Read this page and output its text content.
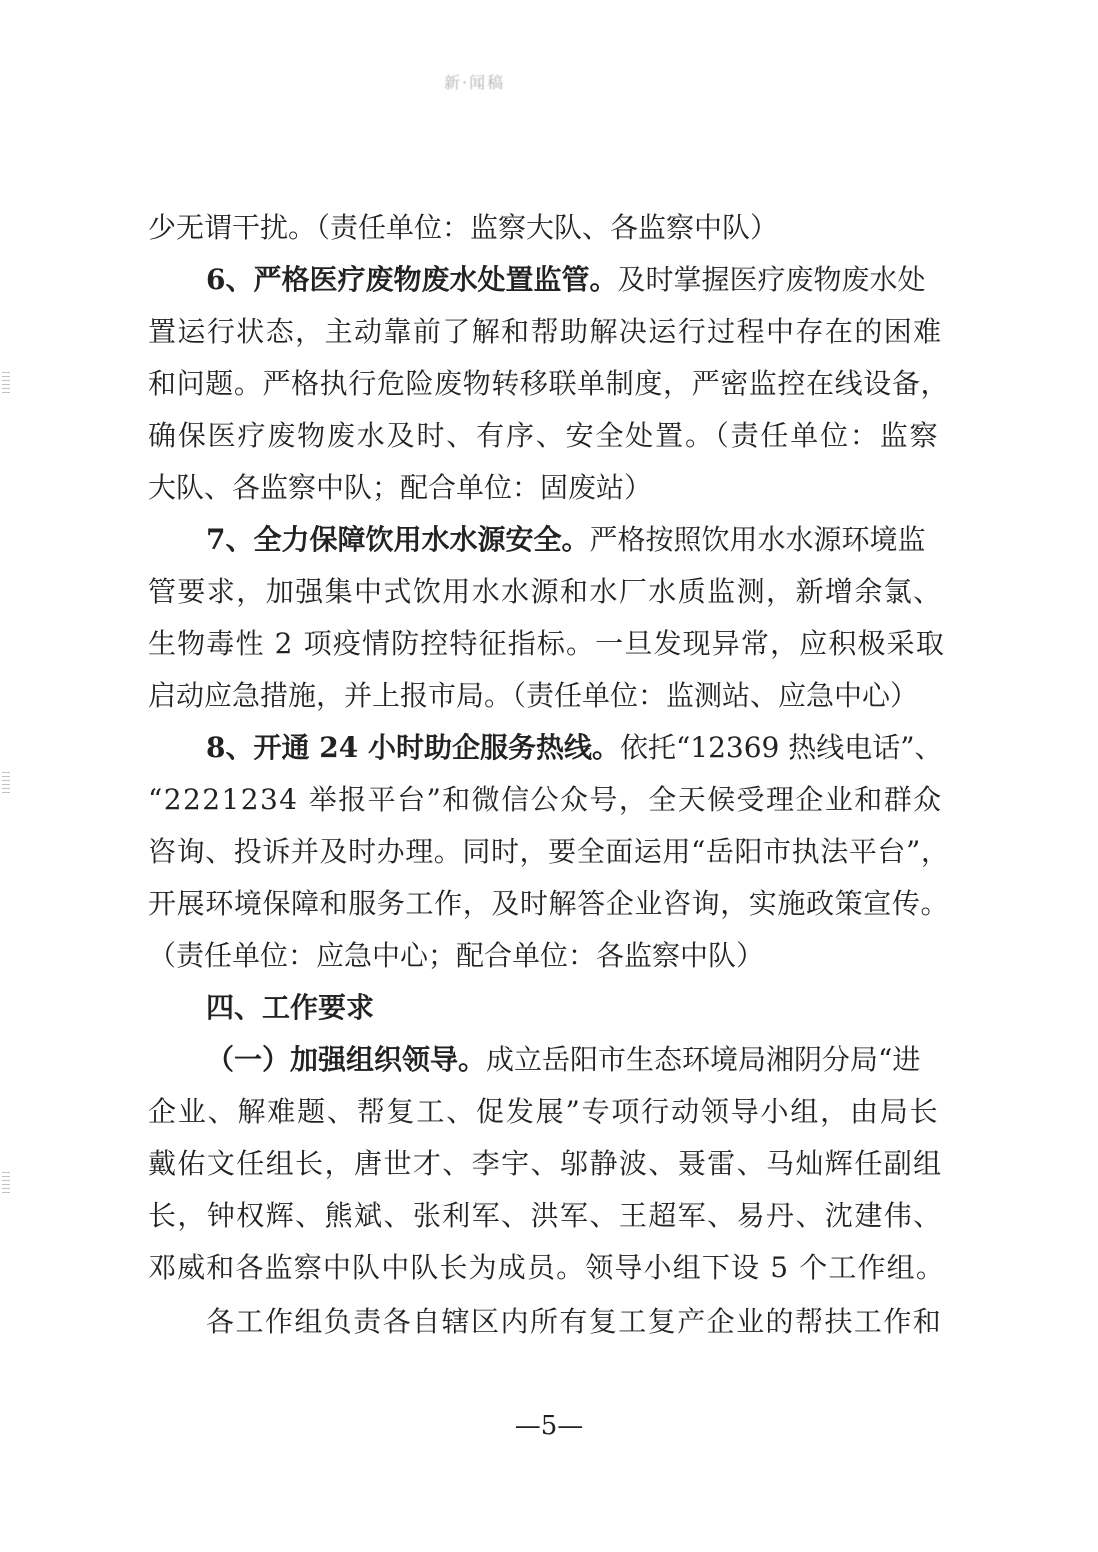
新·闻稿
少无谓干扰。（责任单位：监察大队、各监察中队）
6、严格医疗废物废水处置监管。及时掌握医疗废物废水处
置运行状态，主动靠前了解和帮助解决运行过程中存在的困难
和问题。严格执行危险废物转移联单制度，严密监控在线设备，
确保医疗废物废水及时、有序、安全处置。（责任单位：监察
大队、各监察中队；配合单位：固废站）
7、全力保障饮用水水源安全。严格按照饮用水水源环境监
管要求，加强集中式饮用水水源和水厂水质监测，新增余氯、
生物毒性 2 项疫情防控特征指标。一旦发现异常，应积极采取
启动应急措施，并上报市局。（责任单位：监测站、应急中心）
8、开通 24 小时助企服务热线。依托“12369 热线电话”、
“2221234 举报平台”和微信公众号，全天候受理企业和群众
咨询、投诉并及时办理。同时，要全面运用“岳阳市执法平台”，
开展环境保障和服务工作，及时解答企业咨询，实施政策宣传。
（责任单位：应急中心；配合单位：各监察中队）
四、工作要求
（一）加强组织领导。成立岳阳市生态环境局湘阴分局“进
企业、解难题、帮复工、促发展”专项行动领导小组，由局长
戴佑文任组长，唐世才、李宇、邬静波、聂雷、马灿辉任副组
长，钟权辉、熊斌、张利军、洪军、王超军、易丹、沈建伟、
邓威和各监察中队中队长为成员。领导小组下设 5 个工作组。
各工作组负责各自辖区内所有复工复产企业的帮扶工作和
—5—
